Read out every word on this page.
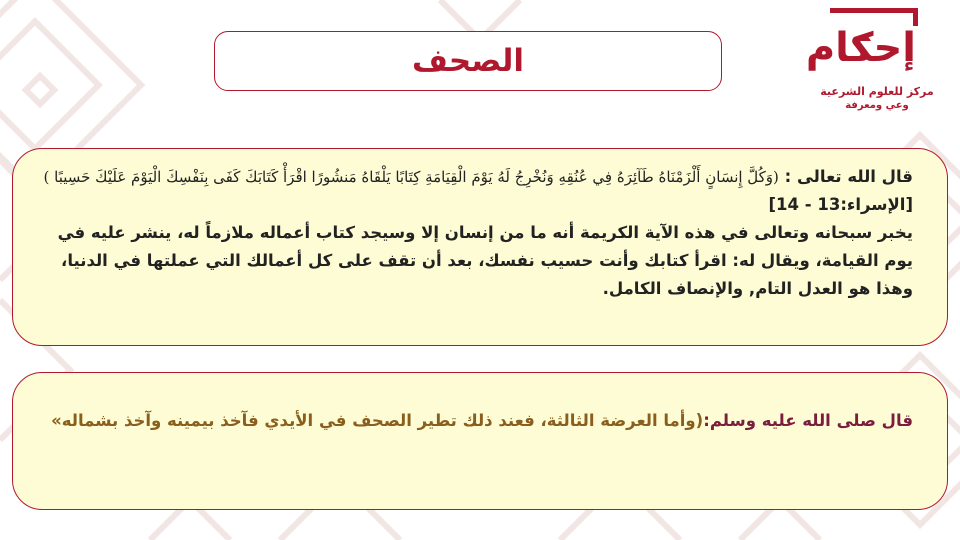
إحكام
مركز للعلوم الشرعية
وعي ومعرفة
الصحف

قال الله تعالى : (وَكُلَّ إِنسَانٍ أَلْزَمْنَاهُ طَآئِرَهُ فِي عُنُقِهِ وَنُخْرِجُ لَهُ يَوْمَ الْقِيَامَةِ كِتَابًا يَلْقَاهُ مَنشُورًا اقْرَأْ كَتَابَكَ كَفَى بِنَفْسِكَ الْيَوْمَ عَلَيْكَ حَسِيبًا )[الإسراء:13 - 14]
يخبر سبحانه وتعالى في هذه الآية الكريمة أنه ما من إنسان إلا وسيجد كتاب أعماله ملازماً له، ينشر عليه في يوم القيامة، ويقال له: اقرأ كتابك وأنت حسيب نفسك، بعد أن تقف على كل أعمالك التي عملتها في الدنيا، وهذا هو العدل التام, والإنصاف الكامل.

قال صلى الله عليه وسلم:(وأما العرضة الثالثة، فعند ذلك تطير الصحف في الأيدي فآخذ بيمينه وآخذ بشماله»
